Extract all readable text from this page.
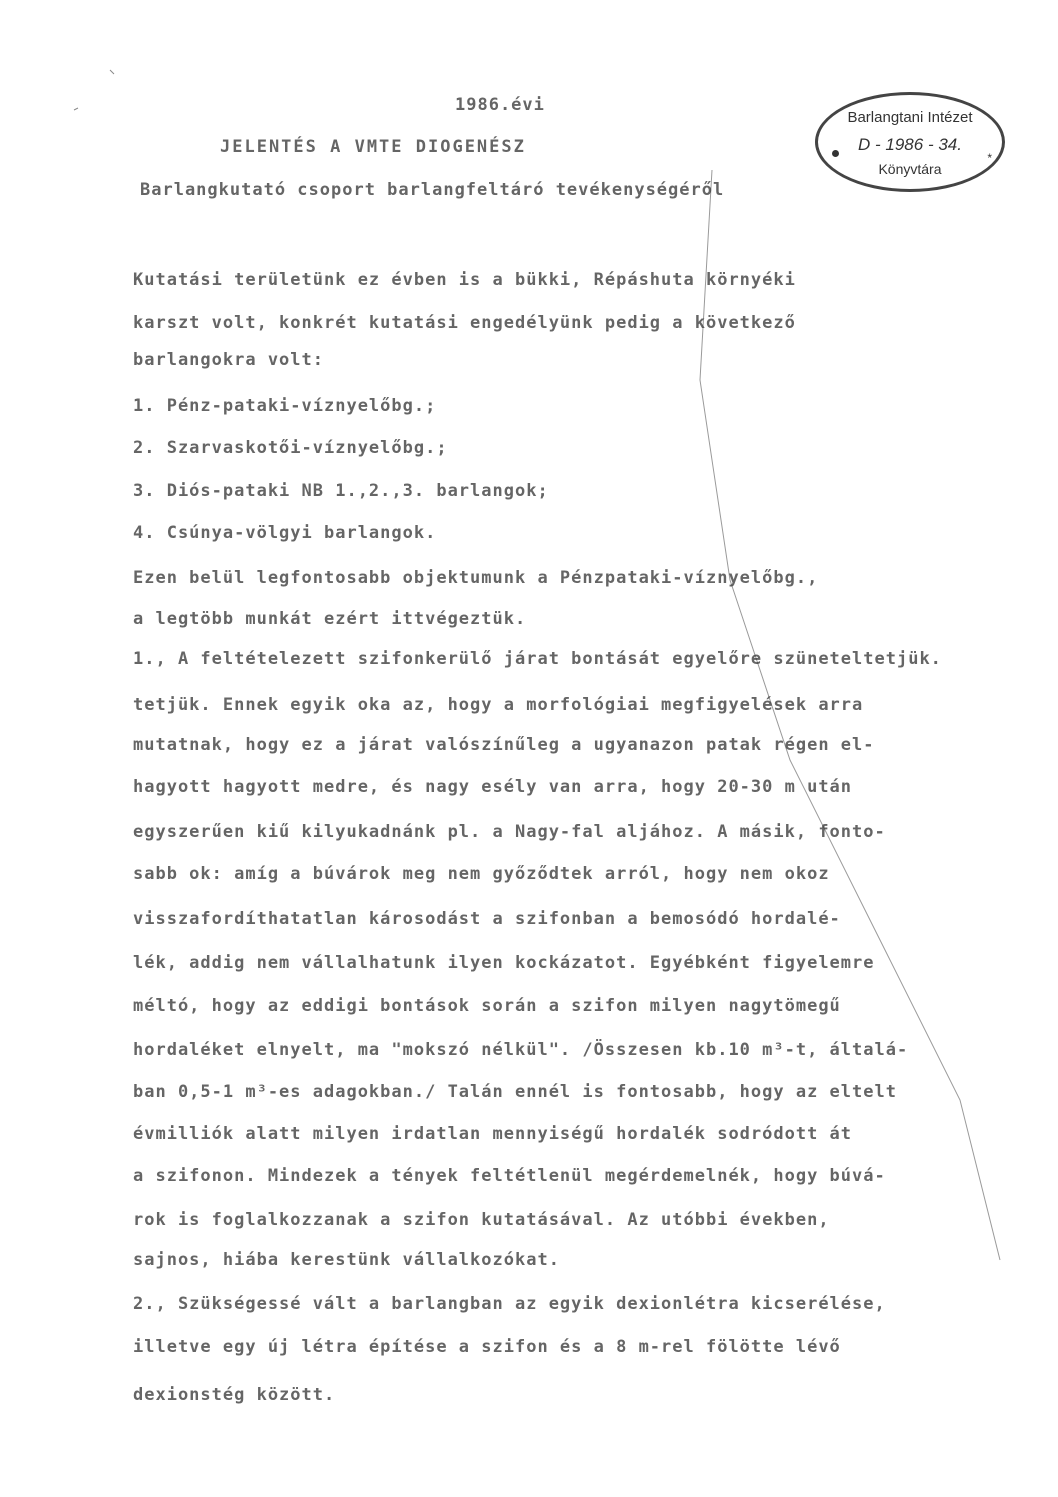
Barlangtani Intézet
D - 1986 - 34.
Könyvtára
*
1986.évi
JELENTÉS A VMTE DIOGENÉSZ
Barlangkutató csoport barlangfeltáró tevékenységéről
Kutatási területünk ez évben is a bükki, Répáshuta környéki
karszt volt, konkrét kutatási engedélyünk pedig a következő
barlangokra volt:
1. Pénz-pataki-víznyelőbg.;
2. Szarvaskotői-víznyelőbg.;
3. Diós-pataki NB 1.,2.,3. barlangok;
4. Csúnya-völgyi barlangok.
Ezen belül legfontosabb objektumunk a Pénzpataki-víznyelőbg.,
a legtöbb munkát ezért ittvégeztük.
1., A feltételezett szifonkerülő járat bontását egyelőre szüneteltetjük.
tetjük. Ennek egyik oka az, hogy a morfológiai megfigyelések arra
mutatnak, hogy ez a járat valószínűleg a ugyanazon patak régen el-
hagyott hagyott medre, és nagy esély van arra, hogy 20-30 m után
egyszerűen kiű kilyukadnánk pl. a Nagy-fal aljához. A másik, fonto-
sabb ok: amíg a búvárok meg nem győződtek arról, hogy nem okoz
visszafordíthatatlan károsodást a szifonban a bemosódó hordalé-
lék, addig nem vállalhatunk ilyen kockázatot. Egyébként figyelemre
méltó, hogy az eddigi bontások során a szifon milyen nagytömegű
hordaléket elnyelt, ma "mokszó nélkül". /Összesen kb.10 m³-t, általá-
ban 0,5-1 m³-es adagokban./ Talán ennél is fontosabb, hogy az eltelt
évmilliók alatt milyen irdatlan mennyiségű hordalék sodródott át
a szifonon. Mindezek a tények feltétlenül megérdemelnék, hogy búvá-
rok is foglalkozzanak a szifon kutatásával. Az utóbbi években,
sajnos, hiába kerestünk vállalkozókat.
2., Szükségessé vált a barlangban az egyik dexionlétra kicserélése,
illetve egy új létra építése a szifon és a 8 m-rel fölötte lévő
dexionstég között.
